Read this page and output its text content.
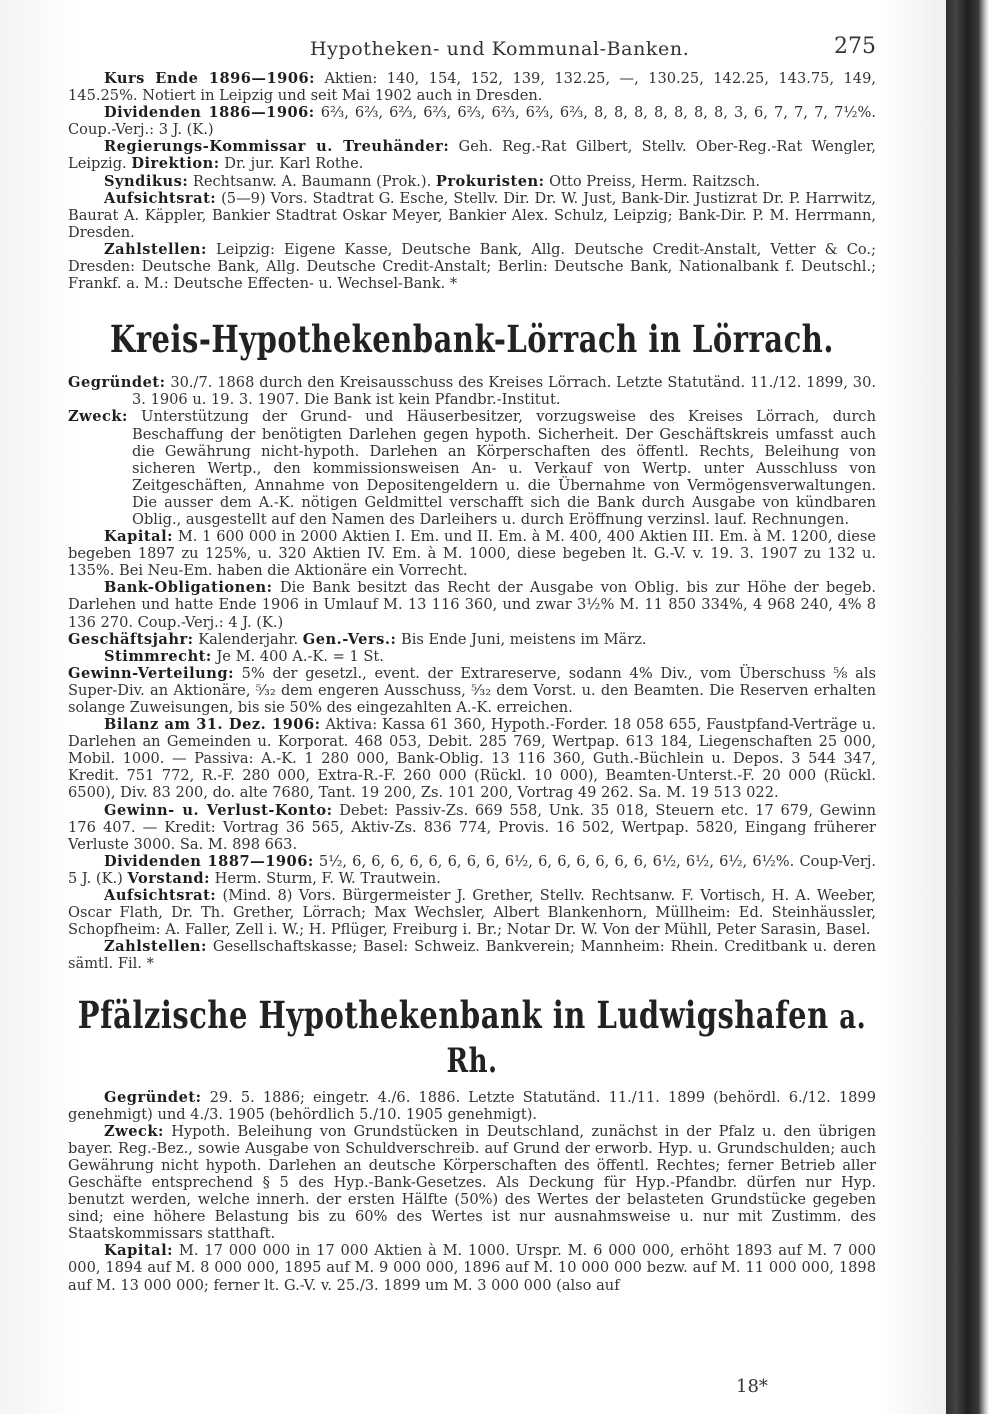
Hypotheken- und Kommunal-Banken.	275

Kurs Ende 1896—1906: Aktien: 140, 154, 152, 139, 132.25, —, 130.25, 142.25, 143.75, 149, 145.25%. Notiert in Leipzig und seit Mai 1902 auch in Dresden.

Dividenden 1886—1906: 6⅔, 6⅔, 6⅔, 6⅔, 6⅔, 6⅔, 6⅔, 6⅔, 8, 8, 8, 8, 8, 8, 8, 3, 6, 7, 7, 7, 7½%. Coup.-Verj.: 3 J. (K.)

Regierungs-Kommissar u. Treuhänder: Geh. Reg.-Rat Gilbert, Stellv. Ober-Reg.-Rat Wengler, Leipzig. Direktion: Dr. jur. Karl Rothe.

Syndikus: Rechtsanw. A. Baumann (Prok.). Prokuristen: Otto Preiss, Herm. Raitzsch.

Aufsichtsrat: (5—9) Vors. Stadtrat G. Esche, Stellv. Dir. Dr. W. Just, Bank-Dir. Justizrat Dr. P. Harrwitz, Baurat A. Käppler, Bankier Stadtrat Oskar Meyer, Bankier Alex. Schulz, Leipzig; Bank-Dir. P. M. Herrmann, Dresden.

Zahlstellen: Leipzig: Eigene Kasse, Deutsche Bank, Allg. Deutsche Credit-Anstalt, Vetter & Co.; Dresden: Deutsche Bank, Allg. Deutsche Credit-Anstalt; Berlin: Deutsche Bank, Nationalbank f. Deutschl.; Frankf. a. M.: Deutsche Effecten- u. Wechsel-Bank. *

Kreis-Hypothekenbank-Lörrach in Lörrach.

Gegründet: 30./7. 1868 durch den Kreisausschuss des Kreises Lörrach. Letzte Statutänd. 11./12. 1899, 30. 3. 1906 u. 19. 3. 1907. Die Bank ist kein Pfandbr.-Institut.

Zweck: Unterstützung der Grund- und Häuserbesitzer, vorzugsweise des Kreises Lörrach, durch Beschaffung der benötigten Darlehen gegen hypoth. Sicherheit. Der Geschäftskreis umfasst auch die Gewährung nicht-hypoth. Darlehen an Körperschaften des öffentl. Rechts, Beleihung von sicheren Wertp., den kommissionsweisen An- u. Verkauf von Wertp. unter Ausschluss von Zeitgeschäften, Annahme von Depositengeldern u. die Übernahme von Vermögensverwaltungen. Die ausser dem A.-K. nötigen Geldmittel verschafft sich die Bank durch Ausgabe von kündbaren Oblig., ausgestellt auf den Namen des Darleihers u. durch Eröffnung verzinsl. lauf. Rechnungen.

Kapital: M. 1 600 000 in 2000 Aktien I. Em. und II. Em. à M. 400, 400 Aktien III. Em. à M. 1200, diese begeben 1897 zu 125%, u. 320 Aktien IV. Em. à M. 1000, diese begeben lt. G.-V. v. 19. 3. 1907 zu 132 u. 135%. Bei Neu-Em. haben die Aktionäre ein Vorrecht.

Bank-Obligationen: Die Bank besitzt das Recht der Ausgabe von Oblig. bis zur Höhe der begeb. Darlehen und hatte Ende 1906 in Umlauf M. 13 116 360, und zwar 3½% M. 11 850 334%, 4 968 240, 4% 8 136 270. Coup.-Verj.: 4 J. (K.)

Geschäftsjahr: Kalenderjahr. Gen.-Vers.: Bis Ende Juni, meistens im März.

Stimmrecht: Je M. 400 A.-K. = 1 St.

Gewinn-Verteilung: 5% der gesetzl., event. der Extrareserve, sodann 4% Div., vom Überschuss ⅝ als Super-Div. an Aktionäre, ⁵⁄₃₂ dem engeren Ausschuss, ⁵⁄₃₂ dem Vorst. u. den Beamten. Die Reserven erhalten solange Zuweisungen, bis sie 50% des eingezahlten A.-K. erreichen.

Bilanz am 31. Dez. 1906: Aktiva: Kassa 61 360, Hypoth.-Forder. 18 058 655, Faustpfand-Verträge u. Darlehen an Gemeinden u. Korporat. 468 053, Debit. 285 769, Wertpap. 613 184, Liegenschaften 25 000, Mobil. 1000. — Passiva: A.-K. 1 280 000, Bank-Oblig. 13 116 360, Guth.-Büchlein u. Depos. 3 544 347, Kredit. 751 772, R.-F. 280 000, Extra-R.-F. 260 000 (Rückl. 10 000), Beamten-Unterst.-F. 20 000 (Rückl. 6500), Div. 83 200, do. alte 7680, Tant. 19 200, Zs. 101 200, Vortrag 49 262. Sa. M. 19 513 022.

Gewinn- u. Verlust-Konto: Debet: Passiv-Zs. 669 558, Unk. 35 018, Steuern etc. 17 679, Gewinn 176 407. — Kredit: Vortrag 36 565, Aktiv-Zs. 836 774, Provis. 16 502, Wertpap. 5820, Eingang früherer Verluste 3000. Sa. M. 898 663.

Dividenden 1887—1906: 5½, 6, 6, 6, 6, 6, 6, 6, 6, 6½, 6, 6, 6, 6, 6, 6, 6½, 6½, 6½, 6½%. Coup-Verj. 5 J. (K.) Vorstand: Herm. Sturm, F. W. Trautwein.

Aufsichtsrat: (Mind. 8) Vors. Bürgermeister J. Grether, Stellv. Rechtsanw. F. Vortisch, H. A. Weeber, Oscar Flath, Dr. Th. Grether, Lörrach; Max Wechsler, Albert Blankenhorn, Müllheim: Ed. Steinhäussler, Schopfheim: A. Faller, Zell i. W.; H. Pflüger, Freiburg i. Br.; Notar Dr. W. Von der Mühll, Peter Sarasin, Basel.

Zahlstellen: Gesellschaftskasse; Basel: Schweiz. Bankverein; Mannheim: Rhein. Creditbank u. deren sämtl. Fil. *

Pfälzische Hypothekenbank in Ludwigshafen a. Rh.

Gegründet: 29. 5. 1886; eingetr. 4./6. 1886. Letzte Statutänd. 11./11. 1899 (behördl. 6./12. 1899 genehmigt) und 4./3. 1905 (behördlich 5./10. 1905 genehmigt).

Zweck: Hypoth. Beleihung von Grundstücken in Deutschland, zunächst in der Pfalz u. den übrigen bayer. Reg.-Bez., sowie Ausgabe von Schuldverschreib. auf Grund der erworb. Hyp. u. Grundschulden; auch Gewährung nicht hypoth. Darlehen an deutsche Körperschaften des öffentl. Rechtes; ferner Betrieb aller Geschäfte entsprechend § 5 des Hyp.-Bank-Gesetzes. Als Deckung für Hyp.-Pfandbr. dürfen nur Hyp. benutzt werden, welche innerh. der ersten Hälfte (50%) des Wertes der belasteten Grundstücke gegeben sind; eine höhere Belastung bis zu 60% des Wertes ist nur ausnahmsweise u. nur mit Zustimm. des Staatskommissars statthaft.

Kapital: M. 17 000 000 in 17 000 Aktien à M. 1000. Urspr. M. 6 000 000, erhöht 1893 auf M. 7 000 000, 1894 auf M. 8 000 000, 1895 auf M. 9 000 000, 1896 auf M. 10 000 000 bezw. auf M. 11 000 000, 1898 auf M. 13 000 000; ferner lt. G.-V. v. 25./3. 1899 um M. 3 000 000 (also auf

18*
